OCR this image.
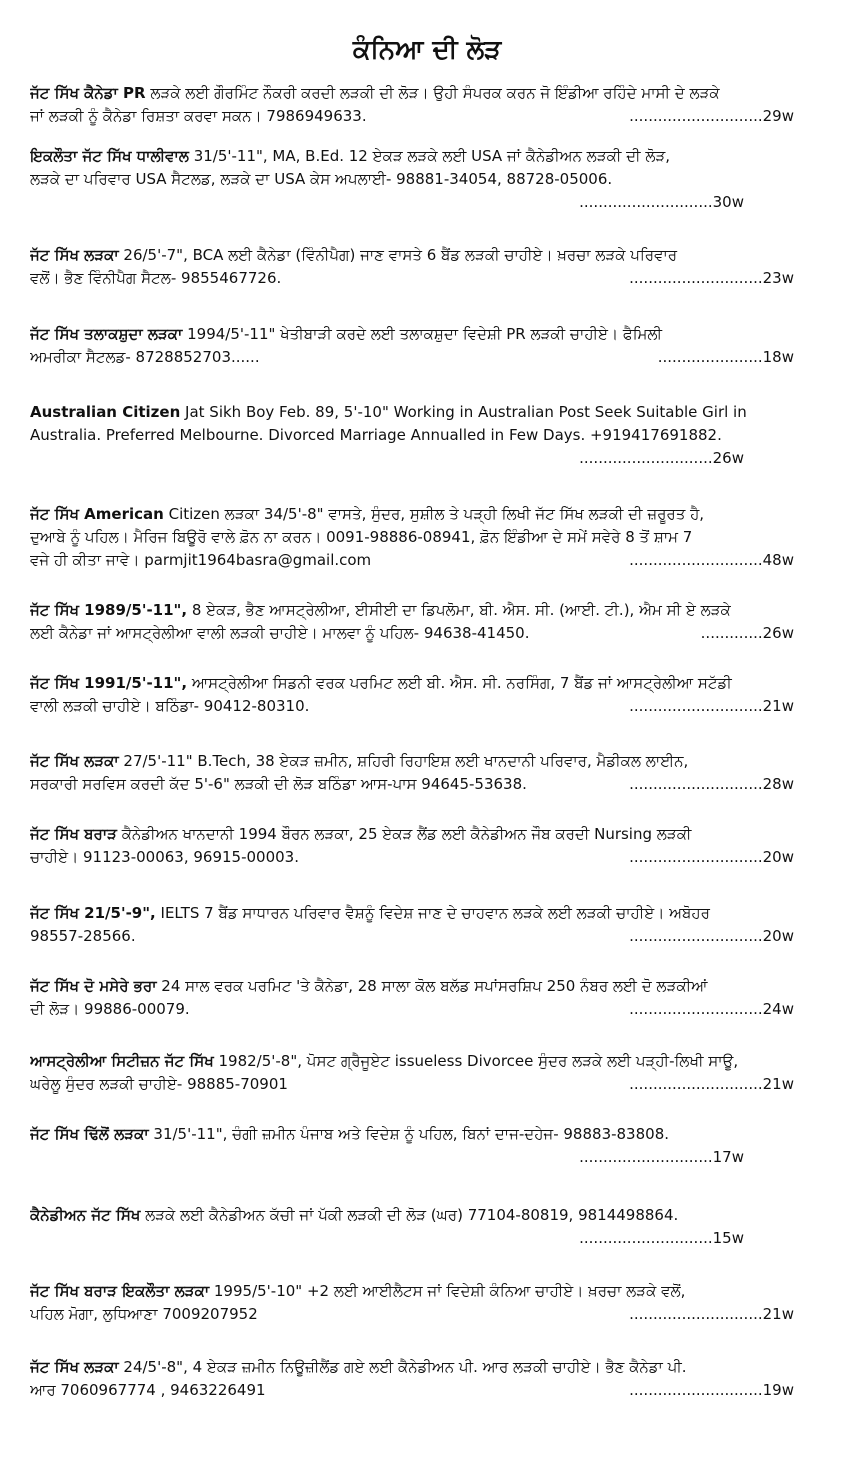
ਕੰਨਿਆ ਦੀ ਲੋੜ
ਜੱਟ ਸਿੱਖ ਕੈਨੇਡਾ PR ਲੜਕੇ ਲਈ ਗੌਰਮਿੰਟ ਨੌਕਰੀ ਕਰਦੀ ਲੜਕੀ ਦੀ ਲੋੜ। ਉਹੀ ਸੰਪਰਕ ਕਰਨ ਜੋ ਇੰਡੀਆ ਰਹਿੰਦੇ ਮਾਸੀ ਦੇ ਲੜਕੇ
ਜਾਂ ਲੜਕੀ ਨੂੰ ਕੈਨੇਡਾ ਰਿਸ਼ਤਾ ਕਰਵਾ ਸਕਨ। 7986949633.	............................29w
ਇਕਲੌਤਾ ਜੱਟ ਸਿੱਖ ਧਾਲੀਵਾਲ 31/5'-11", MA, B.Ed. 12 ਏਕੜ ਲੜਕੇ ਲਈ USA ਜਾਂ ਕੈਨੇਡੀਅਨ ਲੜਕੀ ਦੀ ਲੋੜ,
ਲੜਕੇ ਦਾ ਪਰਿਵਾਰ USA ਸੈਟਲਡ, ਲੜਕੇ ਦਾ USA ਕੇਸ ਅਪਲਾਈ- 98881-34054, 88728-05006.
............................30w
ਜੱਟ ਸਿੱਖ ਲੜਕਾ 26/5'-7", BCA ਲਈ ਕੈਨੇਡਾ (ਵਿੰਨੀਪੈਗ) ਜਾਣ ਵਾਸਤੇ 6 ਬੈਂਡ ਲੜਕੀ ਚਾਹੀਏ। ਖ਼ਰਚਾ ਲੜਕੇ ਪਰਿਵਾਰ
ਵਲੋਂ। ਭੈਣ ਵਿੰਨੀਪੈਗ ਸੈਟਲ- 9855467726.	............................23w
ਜੱਟ ਸਿੱਖ ਤਲਾਕਸ਼ੁਦਾ ਲੜਕਾ 1994/5'-11" ਖੇਤੀਬਾੜੀ ਕਰਦੇ ਲਈ ਤਲਾਕਸ਼ੁਦਾ ਵਿਦੇਸ਼ੀ PR ਲੜਕੀ ਚਾਹੀਏ। ਫੈਮਿਲੀ
ਅਮਰੀਕਾ ਸੈਟਲਡ- 8728852703......	......................18w
Australian Citizen Jat Sikh Boy Feb. 89, 5'-10" Working in Australian Post Seek Suitable Girl in
Australia. Preferred Melbourne. Divorced Marriage Annualled in Few Days. +919417691882.
............................26w
ਜੱਟ ਸਿੱਖ American Citizen ਲੜਕਾ 34/5'-8" ਵਾਸਤੇ, ਸੁੰਦਰ, ਸੁਸ਼ੀਲ ਤੇ ਪੜ੍ਹੀ ਲਿਖੀ ਜੱਟ ਸਿੱਖ ਲੜਕੀ ਦੀ ਜ਼ਰੂਰਤ ਹੈ,
ਦੁਆਬੇ ਨੂੰ ਪਹਿਲ। ਮੈਰਿਜ ਬਿਊਰੋ ਵਾਲੇ ਫ਼ੋਨ ਨਾ ਕਰਨ। 0091-98886-08941, ਫ਼ੋਨ ਇੰਡੀਆ ਦੇ ਸਮੇਂ ਸਵੇਰੇ 8 ਤੋਂ ਸ਼ਾਮ 7
ਵਜੇ ਹੀ ਕੀਤਾ ਜਾਵੇ। parmjit1964basra@gmail.com	............................48w
ਜੱਟ ਸਿੱਖ 1989/5'-11", 8 ਏਕੜ, ਭੈਣ ਆਸਟ੍ਰੇਲੀਆ, ਈਸੀਈ ਦਾ ਡਿਪਲੋਮਾ, ਬੀ. ਐਸ. ਸੀ. (ਆਈ. ਟੀ.), ਐਮ ਸੀ ਏ ਲੜਕੇ
ਲਈ ਕੈਨੇਡਾ ਜਾਂ ਆਸਟ੍ਰੇਲੀਆ ਵਾਲੀ ਲੜਕੀ ਚਾਹੀਏ। ਮਾਲਵਾ ਨੂੰ ਪਹਿਲ- 94638-41450.	.............26w
ਜੱਟ ਸਿੱਖ 1991/5'-11", ਆਸਟ੍ਰੇਲੀਆ ਸਿਡਨੀ ਵਰਕ ਪਰਮਿਟ ਲਈ ਬੀ. ਐਸ. ਸੀ. ਨਰਸਿੰਗ, 7 ਬੈਂਡ ਜਾਂ ਆਸਟ੍ਰੇਲੀਆ ਸਟੱਡੀ
ਵਾਲੀ ਲੜਕੀ ਚਾਹੀਏ। ਬਠਿੰਡਾ- 90412-80310.	............................21w
ਜੱਟ ਸਿੱਖ ਲੜਕਾ 27/5'-11" B.Tech, 38 ਏਕੜ ਜ਼ਮੀਨ, ਸ਼ਹਿਰੀ ਰਿਹਾਇਸ਼ ਲਈ ਖਾਨਦਾਨੀ ਪਰਿਵਾਰ, ਮੈਡੀਕਲ ਲਾਈਨ,
ਸਰਕਾਰੀ ਸਰਵਿਸ ਕਰਦੀ ਕੱਦ 5'-6" ਲੜਕੀ ਦੀ ਲੋੜ ਬਠਿੰਡਾ ਆਸ-ਪਾਸ 94645-53638.	............................28w
ਜੱਟ ਸਿੱਖ ਬਰਾੜ ਕੈਨੇਡੀਅਨ ਖਾਨਦਾਨੀ 1994 ਬੌਰਨ ਲੜਕਾ, 25 ਏਕੜ ਲੈਂਡ ਲਈ ਕੈਨੇਡੀਅਨ ਜੌਬ ਕਰਦੀ Nursing ਲੜਕੀ
ਚਾਹੀਏ। 91123-00063, 96915-00003.	............................20w
ਜੱਟ ਸਿੱਖ 21/5'-9", IELTS 7 ਬੈਂਡ ਸਾਧਾਰਨ ਪਰਿਵਾਰ ਵੈਸ਼ਨੂੰ ਵਿਦੇਸ਼ ਜਾਣ ਦੇ ਚਾਹਵਾਨ ਲੜਕੇ ਲਈ ਲੜਕੀ ਚਾਹੀਏ। ਅਬੋਹਰ
98557-28566.	............................20w
ਜੱਟ ਸਿੱਖ ਦੋ ਮਸੇਰੇ ਭਰਾ 24 ਸਾਲ ਵਰਕ ਪਰਮਿਟ 'ਤੇ ਕੈਨੇਡਾ, 28 ਸਾਲਾ ਕੋਲ ਬਲੱਡ ਸਪਾਂਸਰਸ਼ਿਪ 250 ਨੰਬਰ ਲਈ ਦੋ ਲੜਕੀਆਂ
ਦੀ ਲੋੜ। 99886-00079.	............................24w
ਆਸਟ੍ਰੇਲੀਆ ਸਿਟੀਜ਼ਨ ਜੱਟ ਸਿੱਖ 1982/5'-8", ਪੋਸਟ ਗ੍ਰੈਜੂਏਟ issueless Divorcee ਸੁੰਦਰ ਲੜਕੇ ਲਈ ਪੜ੍ਹੀ-ਲਿਖੀ ਸਾਊ,
ਘਰੇਲੂ ਸੁੰਦਰ ਲੜਕੀ ਚਾਹੀਏ- 98885-70901	............................21w
ਜੱਟ ਸਿੱਖ ਢਿੱਲੋਂ ਲੜਕਾ 31/5'-11", ਚੰਗੀ ਜ਼ਮੀਨ ਪੰਜਾਬ ਅਤੇ ਵਿਦੇਸ਼ ਨੂੰ ਪਹਿਲ, ਬਿਨਾਂ ਦਾਜ-ਦਹੇਜ- 98883-83808.
............................17w
ਕੈਨੇਡੀਅਨ ਜੱਟ ਸਿੱਖ ਲੜਕੇ ਲਈ ਕੈਨੇਡੀਅਨ ਕੱਚੀ ਜਾਂ ਪੱਕੀ ਲੜਕੀ ਦੀ ਲੋੜ (ਘਰ) 77104-80819, 9814498864.
............................15w
ਜੱਟ ਸਿੱਖ ਬਰਾੜ ਇਕਲੌਤਾ ਲੜਕਾ 1995/5'-10" +2 ਲਈ ਆਈਲੈਟਸ ਜਾਂ ਵਿਦੇਸ਼ੀ ਕੰਨਿਆ ਚਾਹੀਏ। ਖ਼ਰਚਾ ਲੜਕੇ ਵਲੋਂ,
ਪਹਿਲ ਮੋਗਾ, ਲੁਧਿਆਣਾ 7009207952	............................21w
ਜੱਟ ਸਿੱਖ ਲੜਕਾ 24/5'-8", 4 ਏਕੜ ਜ਼ਮੀਨ ਨਿਊਜ਼ੀਲੈਂਡ ਗਏ ਲਈ ਕੈਨੇਡੀਅਨ ਪੀ. ਆਰ ਲੜਕੀ ਚਾਹੀਏ। ਭੈਣ ਕੈਨੇਡਾ ਪੀ.
ਆਰ 7060967774 , 9463226491	............................19w
